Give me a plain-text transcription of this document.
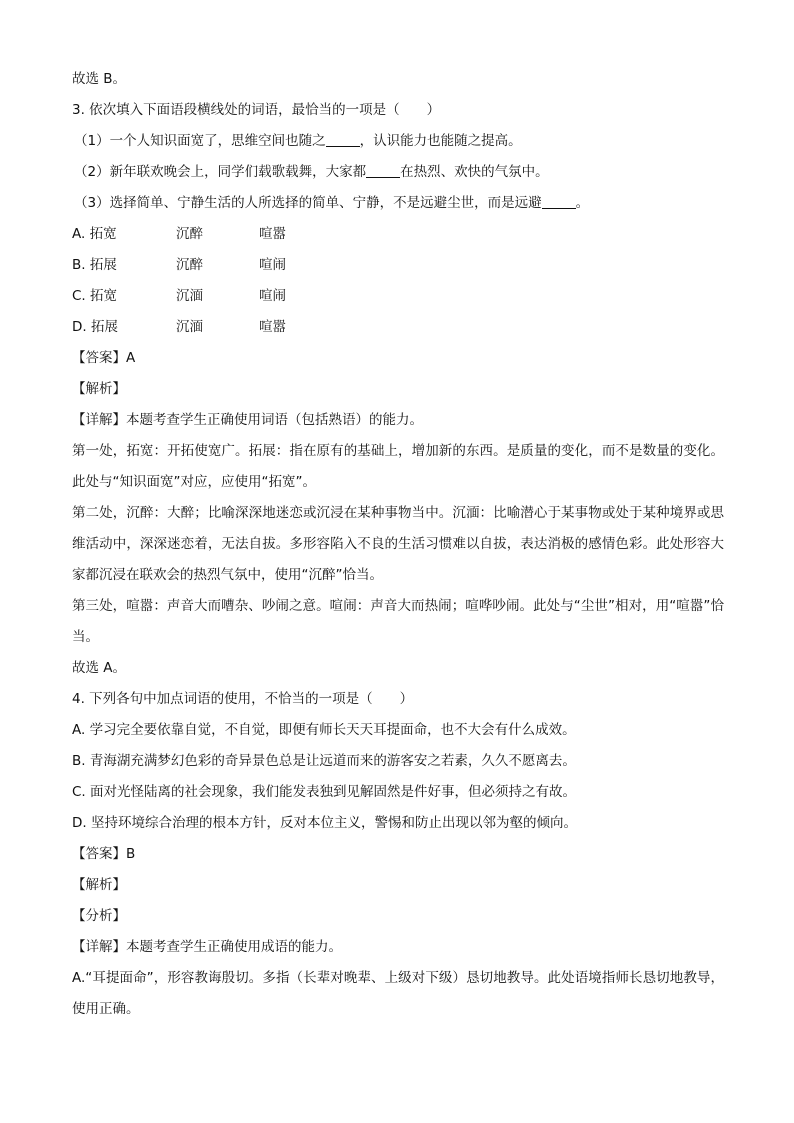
故选 B。
3. 依次填入下面语段横线处的词语，最恰当的一项是（　　）
（1）一个人知识面宽了，思维空间也随之	，认识能力也能随之提高。
（2）新年联欢晚会上，同学们载歌载舞，大家都	在热烈、欢快的气氛中。
（3）选择简单、宁静生活的人所选择的简单、宁静，不是远避尘世，而是远避	。
A. 拓宽	沉醉	喧嚣
B. 拓展	沉醉	喧闹
C. 拓宽	沉湎	喧闹
D. 拓展	沉湎	喧嚣
【答案】A
【解析】
【详解】本题考查学生正确使用词语（包括熟语）的能力。
第一处，拓宽：开拓使宽广。拓展：指在原有的基础上，增加新的东西。是质量的变化，而不是数量的变化。此处与“知识面宽”对应，应使用“拓宽”。
第二处，沉醉：大醉；比喻深深地迷恋或沉浸在某种事物当中。沉湎：比喻潜心于某事物或处于某种境界或思维活动中，深深迷恋着，无法自拔。多形容陷入不良的生活习惯难以自拔，表达消极的感情色彩。此处形容大家都沉浸在联欢会的热烈气氛中，使用“沉醉”恰当。
第三处，喧嚣：声音大而嘈杂、吵闹之意。喧闹：声音大而热闹；喧哗吵闹。此处与“尘世”相对，用“喧嚣”恰当。
故选 A。
4. 下列各句中加点词语的使用，不恰当的一项是（　　）
A. 学习完全要依靠自觉，不自觉，即便有师长天天耳提面命，也不大会有什么成效。
B. 青海湖充满梦幻色彩的奇异景色总是让远道而来的游客安之若素，久久不愿离去。
C. 面对光怪陆离的社会现象，我们能发表独到见解固然是件好事，但必须持之有故。
D. 坚持环境综合治理的根本方针，反对本位主义，警惕和防止出现以邻为壑的倾向。
【答案】B
【解析】
【分析】
【详解】本题考查学生正确使用成语的能力。
A.“耳提面命”，形容教诲殷切。多指（长辈对晚辈、上级对下级）恳切地教导。此处语境指师长恳切地教导，使用正确。
